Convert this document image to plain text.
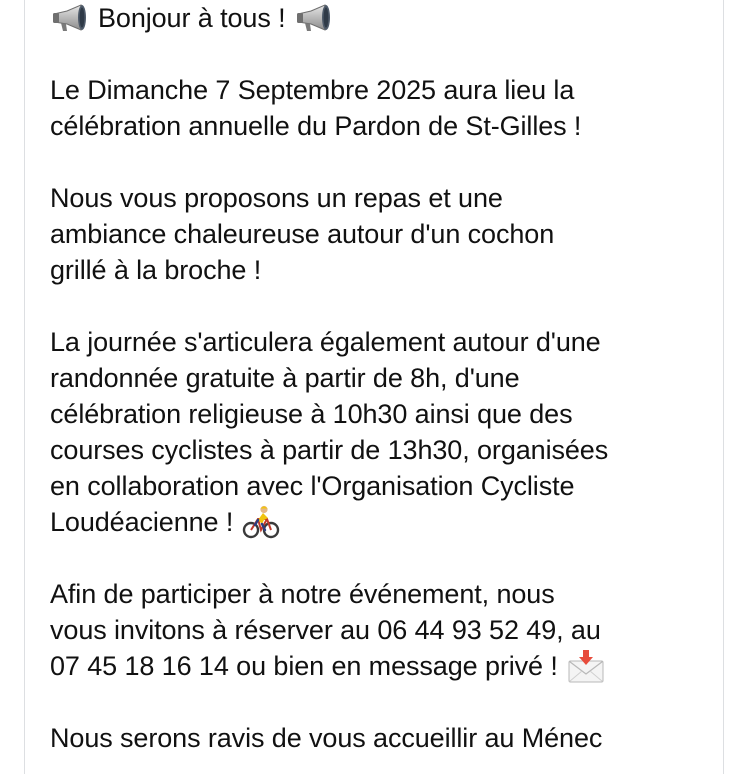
Bonjour à tous !
Le Dimanche 7 Septembre 2025 aura lieu la
célébration annuelle du Pardon de St-Gilles !
Nous vous proposons un repas et une
ambiance chaleureuse autour d'un cochon
grillé à la broche !
La journée s'articulera également autour d'une
randonnée gratuite à partir de 8h, d'une
célébration religieuse à 10h30 ainsi que des
courses cyclistes à partir de 13h30, organisées
en collaboration avec l'Organisation Cycliste
Loudéacienne !
Afin de participer à notre événement, nous
vous invitons à réserver au 06 44 93 52 49, au
07 45 18 16 14 ou bien en message privé !
Nous serons ravis de vous accueillir au Ménec
